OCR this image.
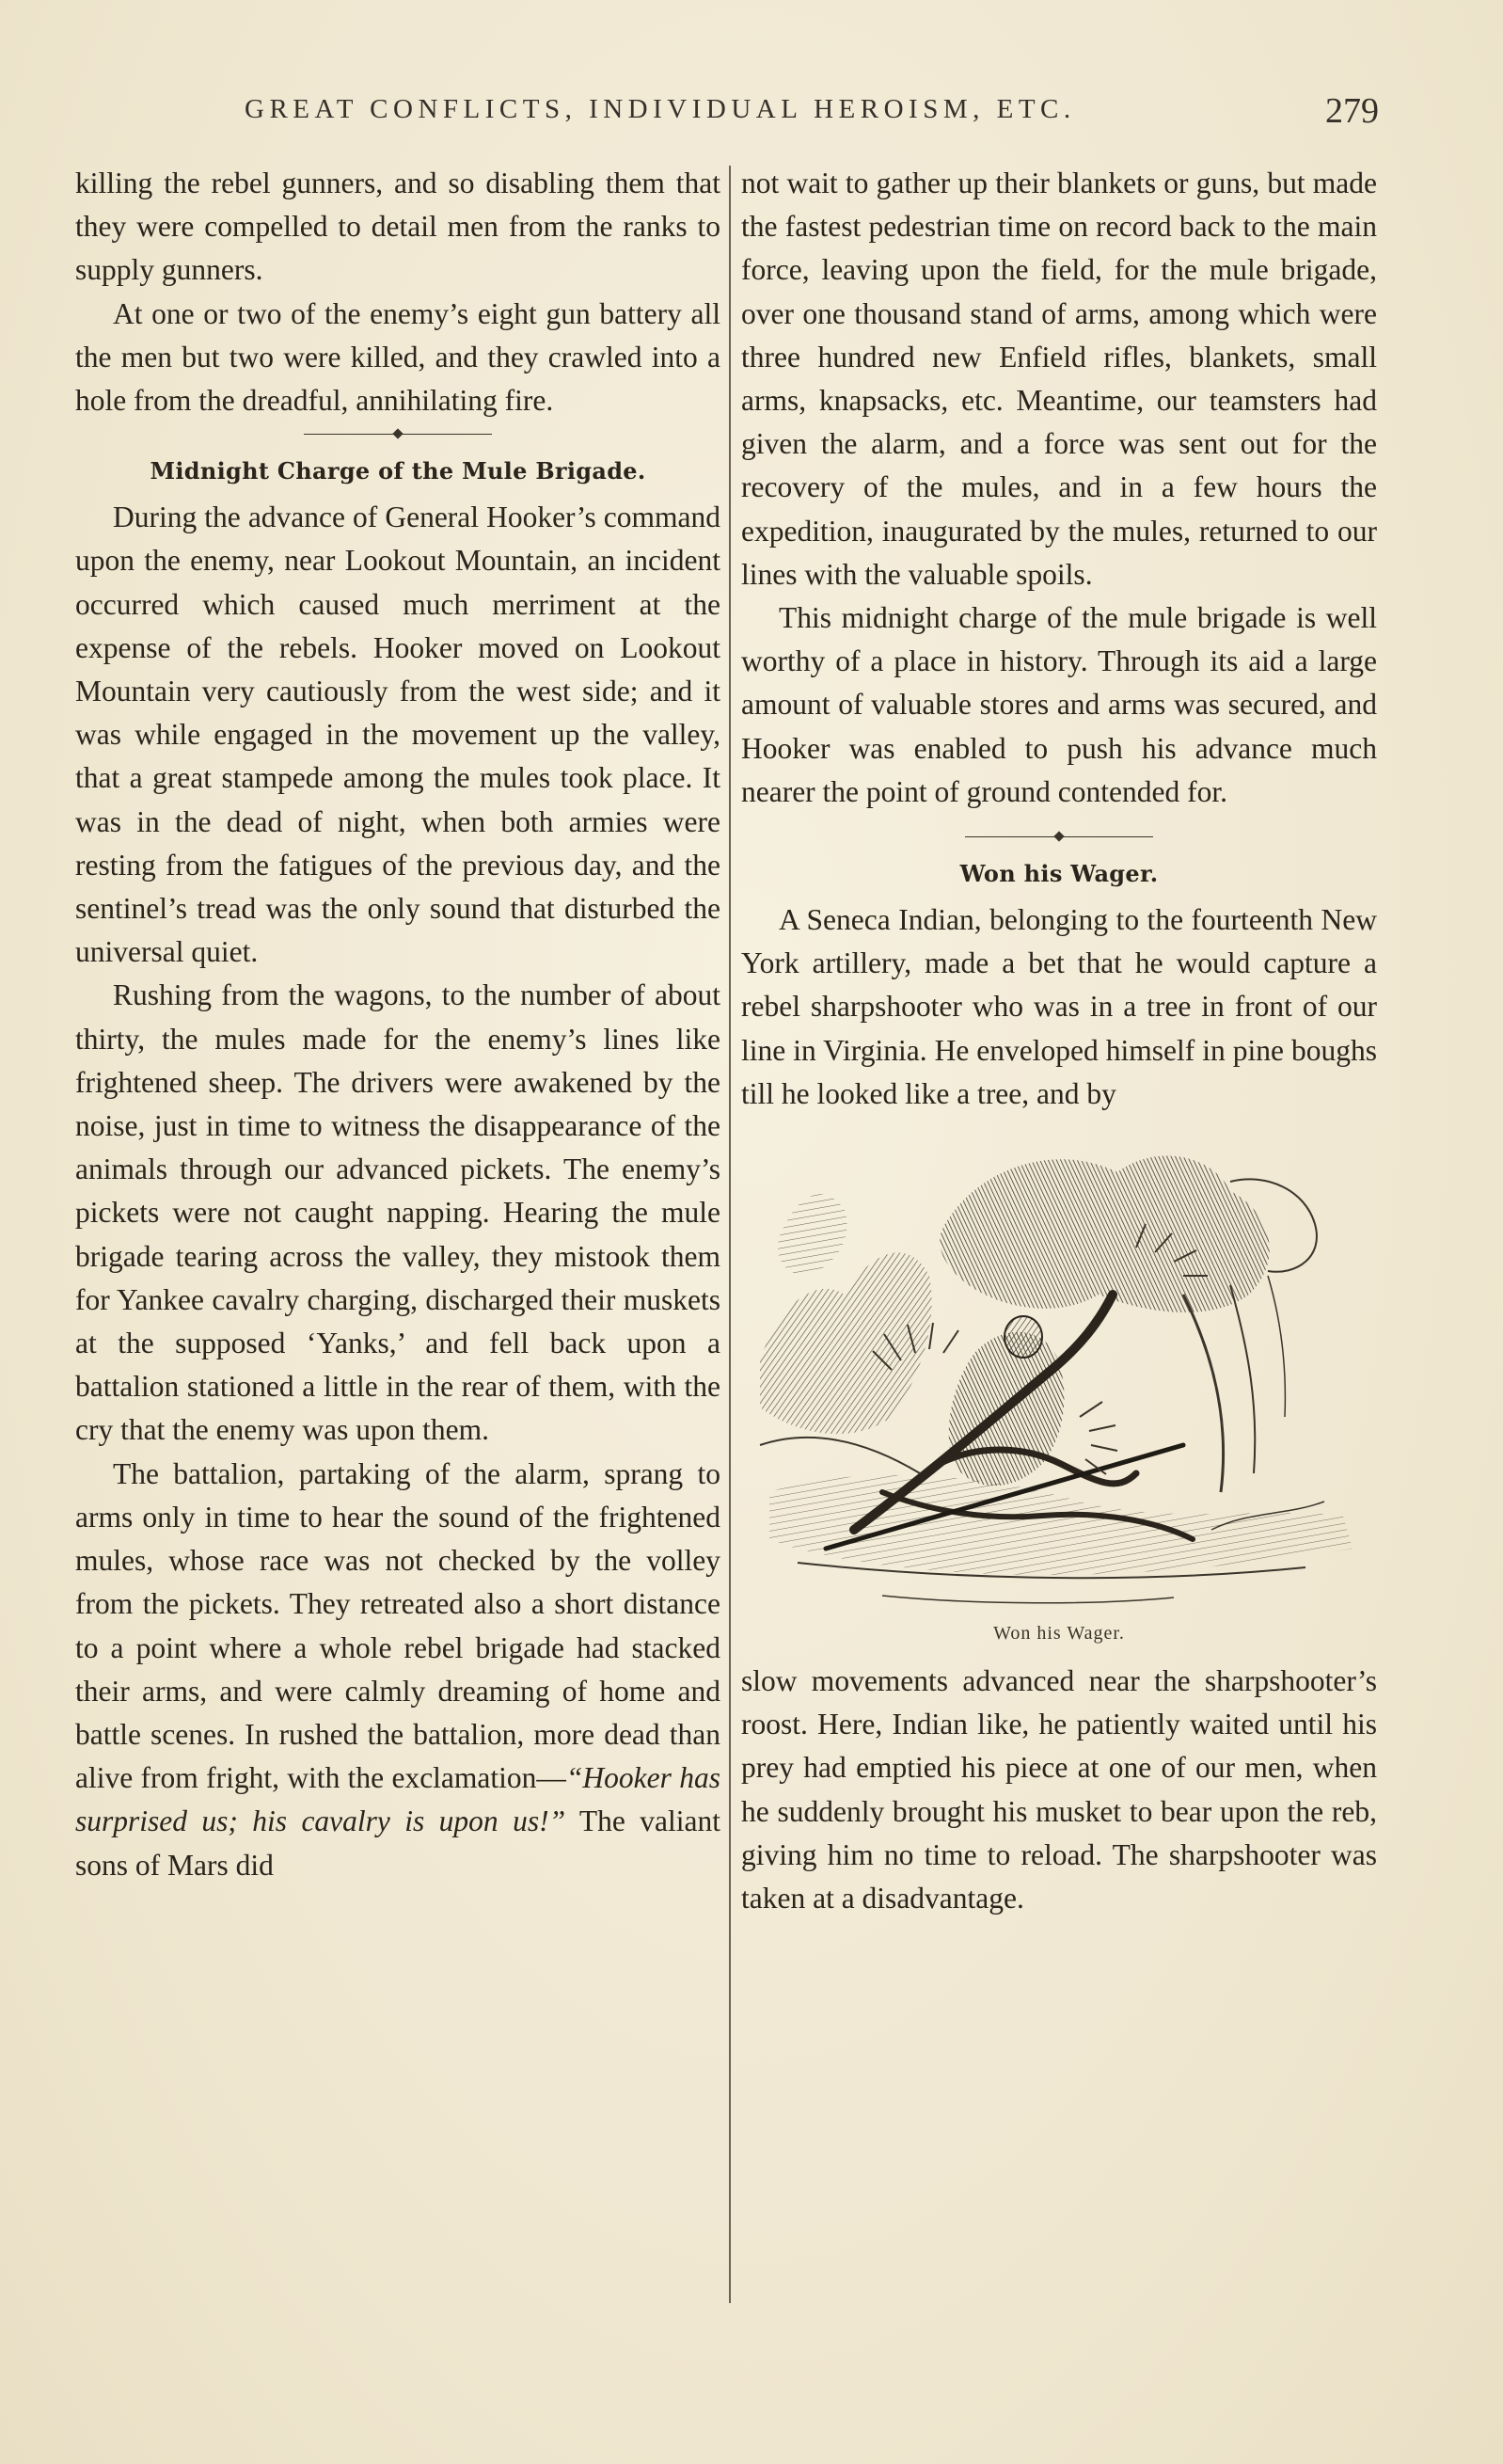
GREAT CONFLICTS, INDIVIDUAL HEROISM, ETC.	279

killing the rebel gunners, and so disabling them that they were compelled to detail men from the ranks to supply gunners.

At one or two of the enemy’s eight gun battery all the men but two were killed, and they crawled into a hole from the dreadful, annihilating fire.

Midnight Charge of the Mule Brigade.

During the advance of General Hooker’s command upon the enemy, near Lookout Mountain, an incident occurred which caused much merriment at the expense of the rebels. Hooker moved on Lookout Mountain very cautiously from the west side; and it was while engaged in the movement up the valley, that a great stampede among the mules took place. It was in the dead of night, when both armies were resting from the fatigues of the previous day, and the sentinel’s tread was the only sound that disturbed the universal quiet.

Rushing from the wagons, to the number of about thirty, the mules made for the enemy’s lines like frightened sheep. The drivers were awakened by the noise, just in time to witness the disappearance of the animals through our advanced pickets. The enemy’s pickets were not caught napping. Hearing the mule brigade tearing across the valley, they mistook them for Yankee cavalry charging, discharged their muskets at the supposed ‘Yanks,’ and fell back upon a battalion stationed a little in the rear of them, with the cry that the enemy was upon them.

The battalion, partaking of the alarm, sprang to arms only in time to hear the sound of the frightened mules, whose race was not checked by the volley from the pickets. They retreated also a short distance to a point where a whole rebel brigade had stacked their arms, and were calmly dreaming of home and battle scenes. In rushed the battalion, more dead than alive from fright, with the exclamation—“Hooker has surprised us; his cavalry is upon us!” The valiant sons of Mars did

not wait to gather up their blankets or guns, but made the fastest pedestrian time on record back to the main force, leaving upon the field, for the mule brigade, over one thousand stand of arms, among which were three hundred new Enfield rifles, blankets, small arms, knapsacks, etc. Meantime, our teamsters had given the alarm, and a force was sent out for the recovery of the mules, and in a few hours the expedition, inaugurated by the mules, returned to our lines with the valuable spoils.

This midnight charge of the mule brigade is well worthy of a place in history. Through its aid a large amount of valuable stores and arms was secured, and Hooker was enabled to push his advance much nearer the point of ground contended for.

Won his Wager.

A Seneca Indian, belonging to the fourteenth New York artillery, made a bet that he would capture a rebel sharpshooter who was in a tree in front of our line in Virginia. He enveloped himself in pine boughs till he looked like a tree, and by

Won his Wager.

slow movements advanced near the sharpshooter’s roost. Here, Indian like, he patiently waited until his prey had emptied his piece at one of our men, when he suddenly brought his musket to bear upon the reb, giving him no time to reload. The sharpshooter was taken at a disadvantage.
